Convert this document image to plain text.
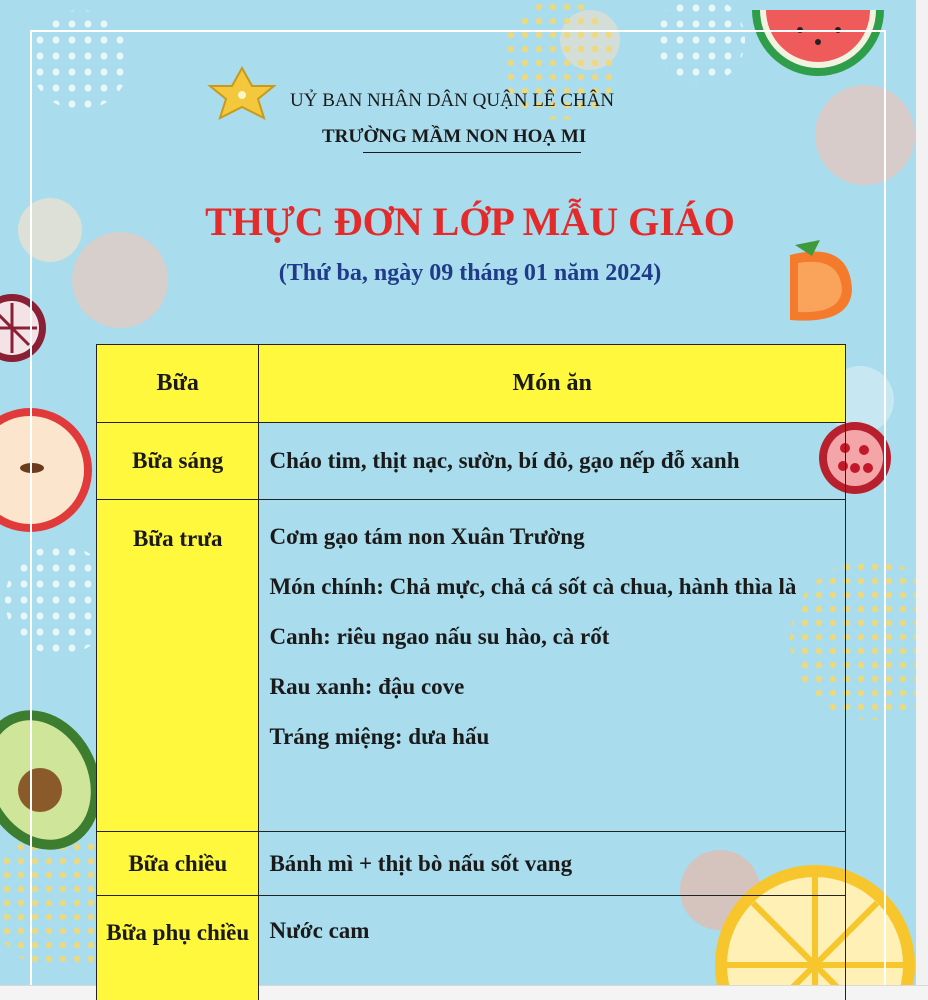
UỶ BAN NHÂN DÂN QUẬN LÊ CHÂN
TRƯỜNG MẦM NON HOẠ MI
THỰC ĐƠN LỚP MẪU GIÁO
(Thứ ba, ngày 09 tháng 01 năm 2024)
Bữa	Món ăn
Bữa sáng	Cháo tim, thịt nạc, sườn, bí đỏ, gạo nếp đỗ xanh

Bữa trưa	Cơm gạo tám non Xuân Trường
Món chính: Chả mực, chả cá sốt cà chua, hành thìa là
Canh: riêu ngao nấu su hào, cà rốt
Rau xanh: đậu cove
Tráng miệng: dưa hấu

Bữa chiều	Bánh mì + thịt bò nấu sốt vang

Bữa phụ chiều	Nước cam
